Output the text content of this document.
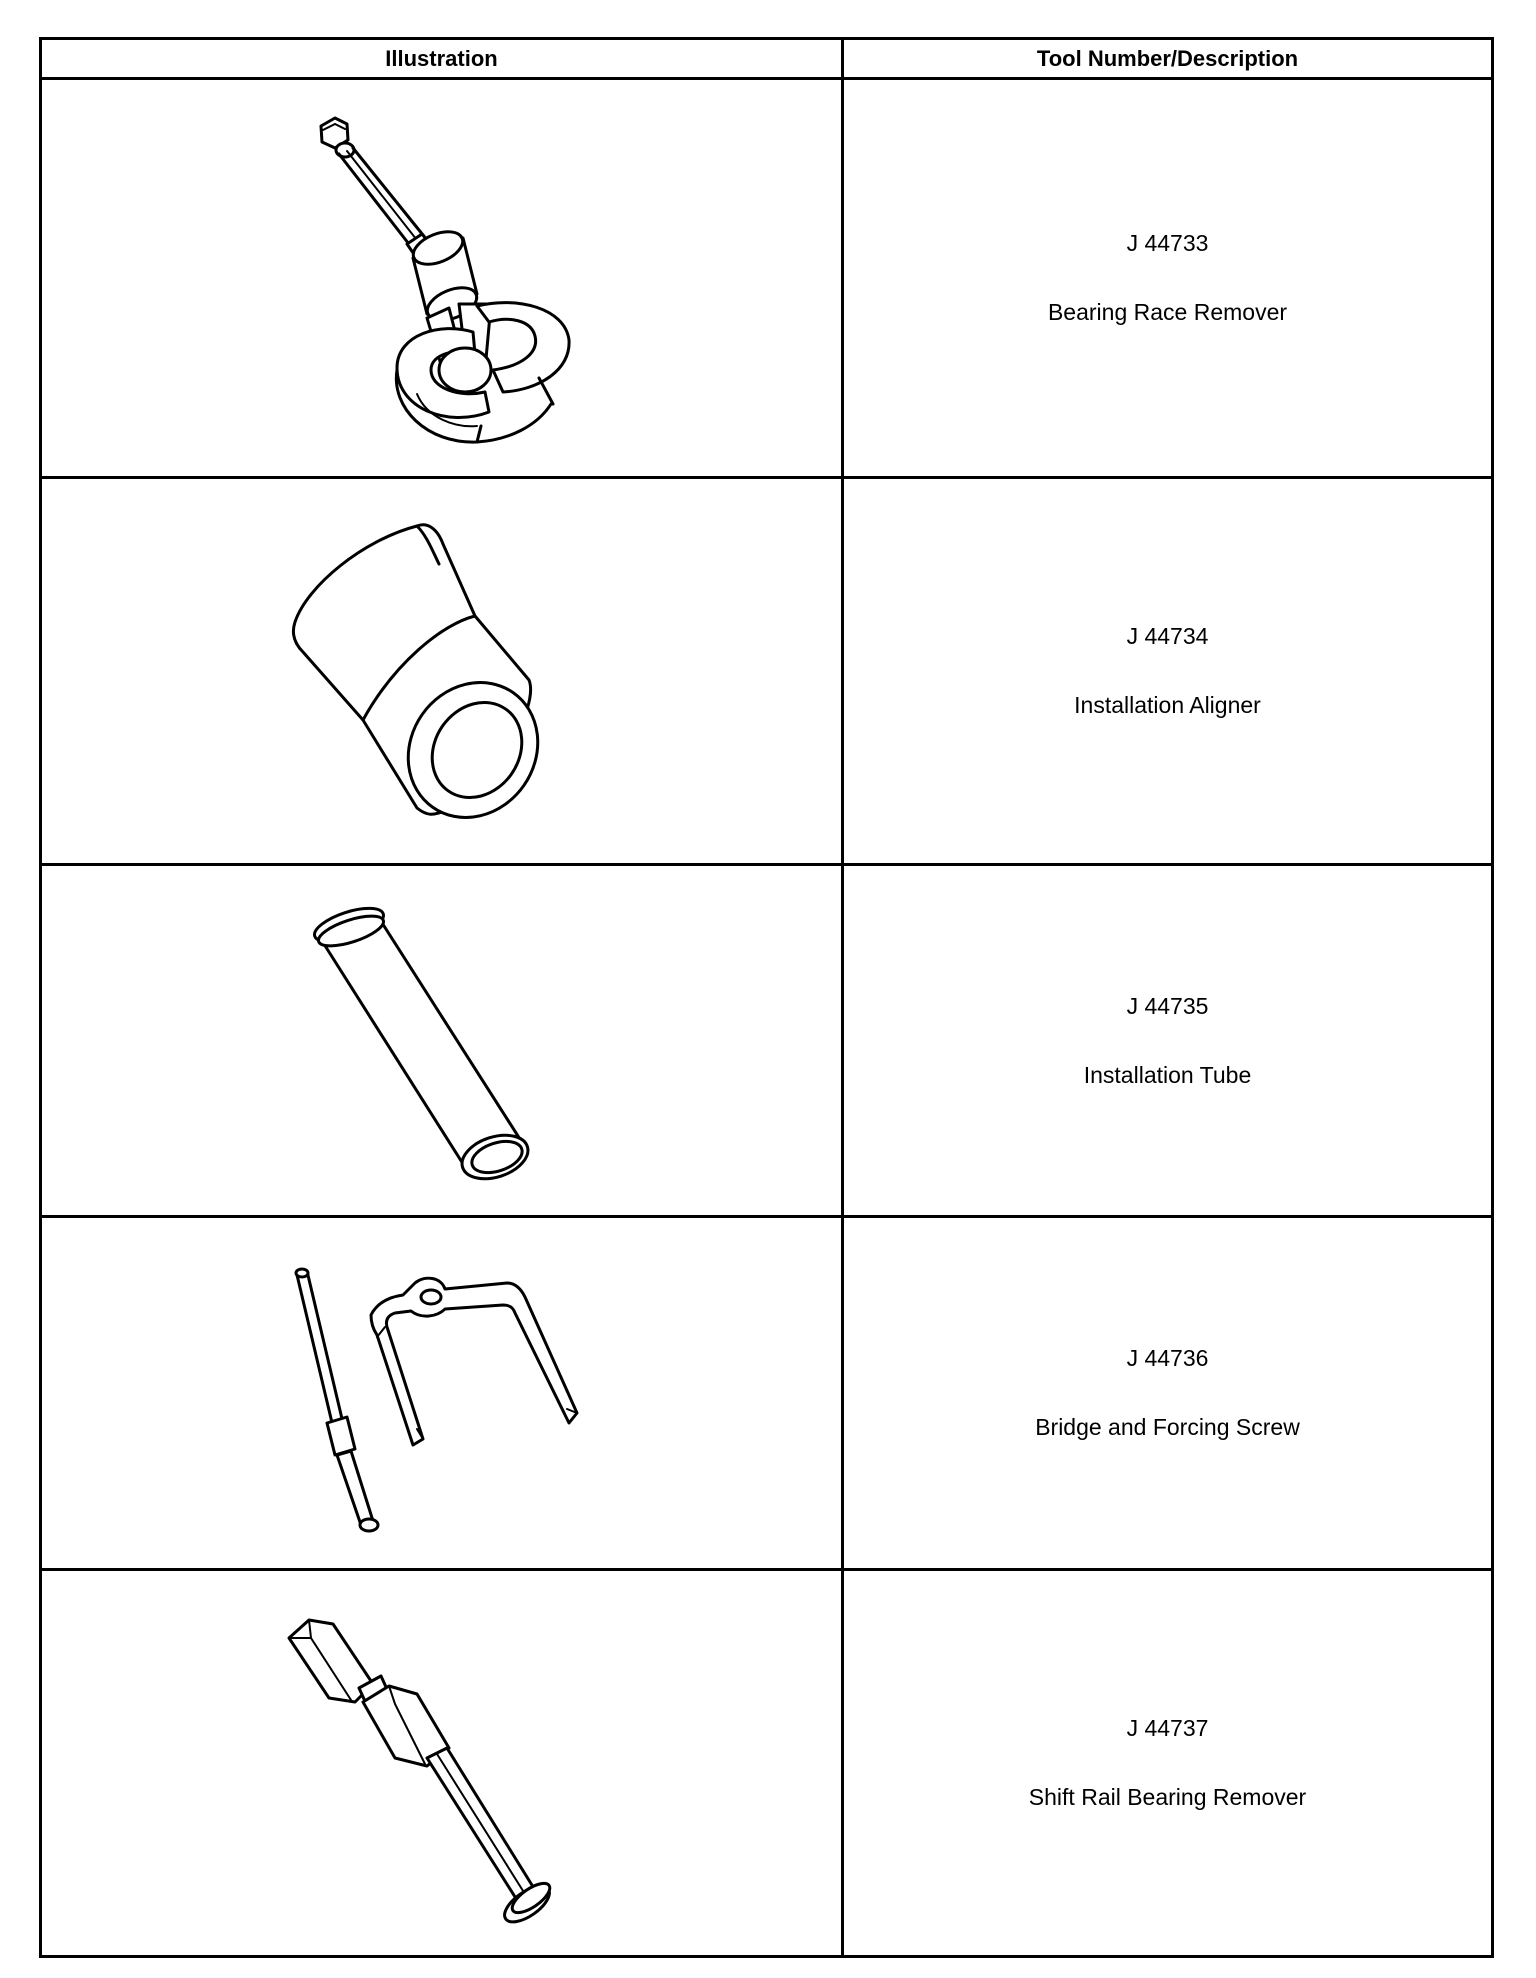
Illustration	Tool Number/Description

J 44733
Bearing Race Remover

J 44734
Installation Aligner

J 44735
Installation Tube

J 44736
Bridge and Forcing Screw

J 44737
Shift Rail Bearing Remover
